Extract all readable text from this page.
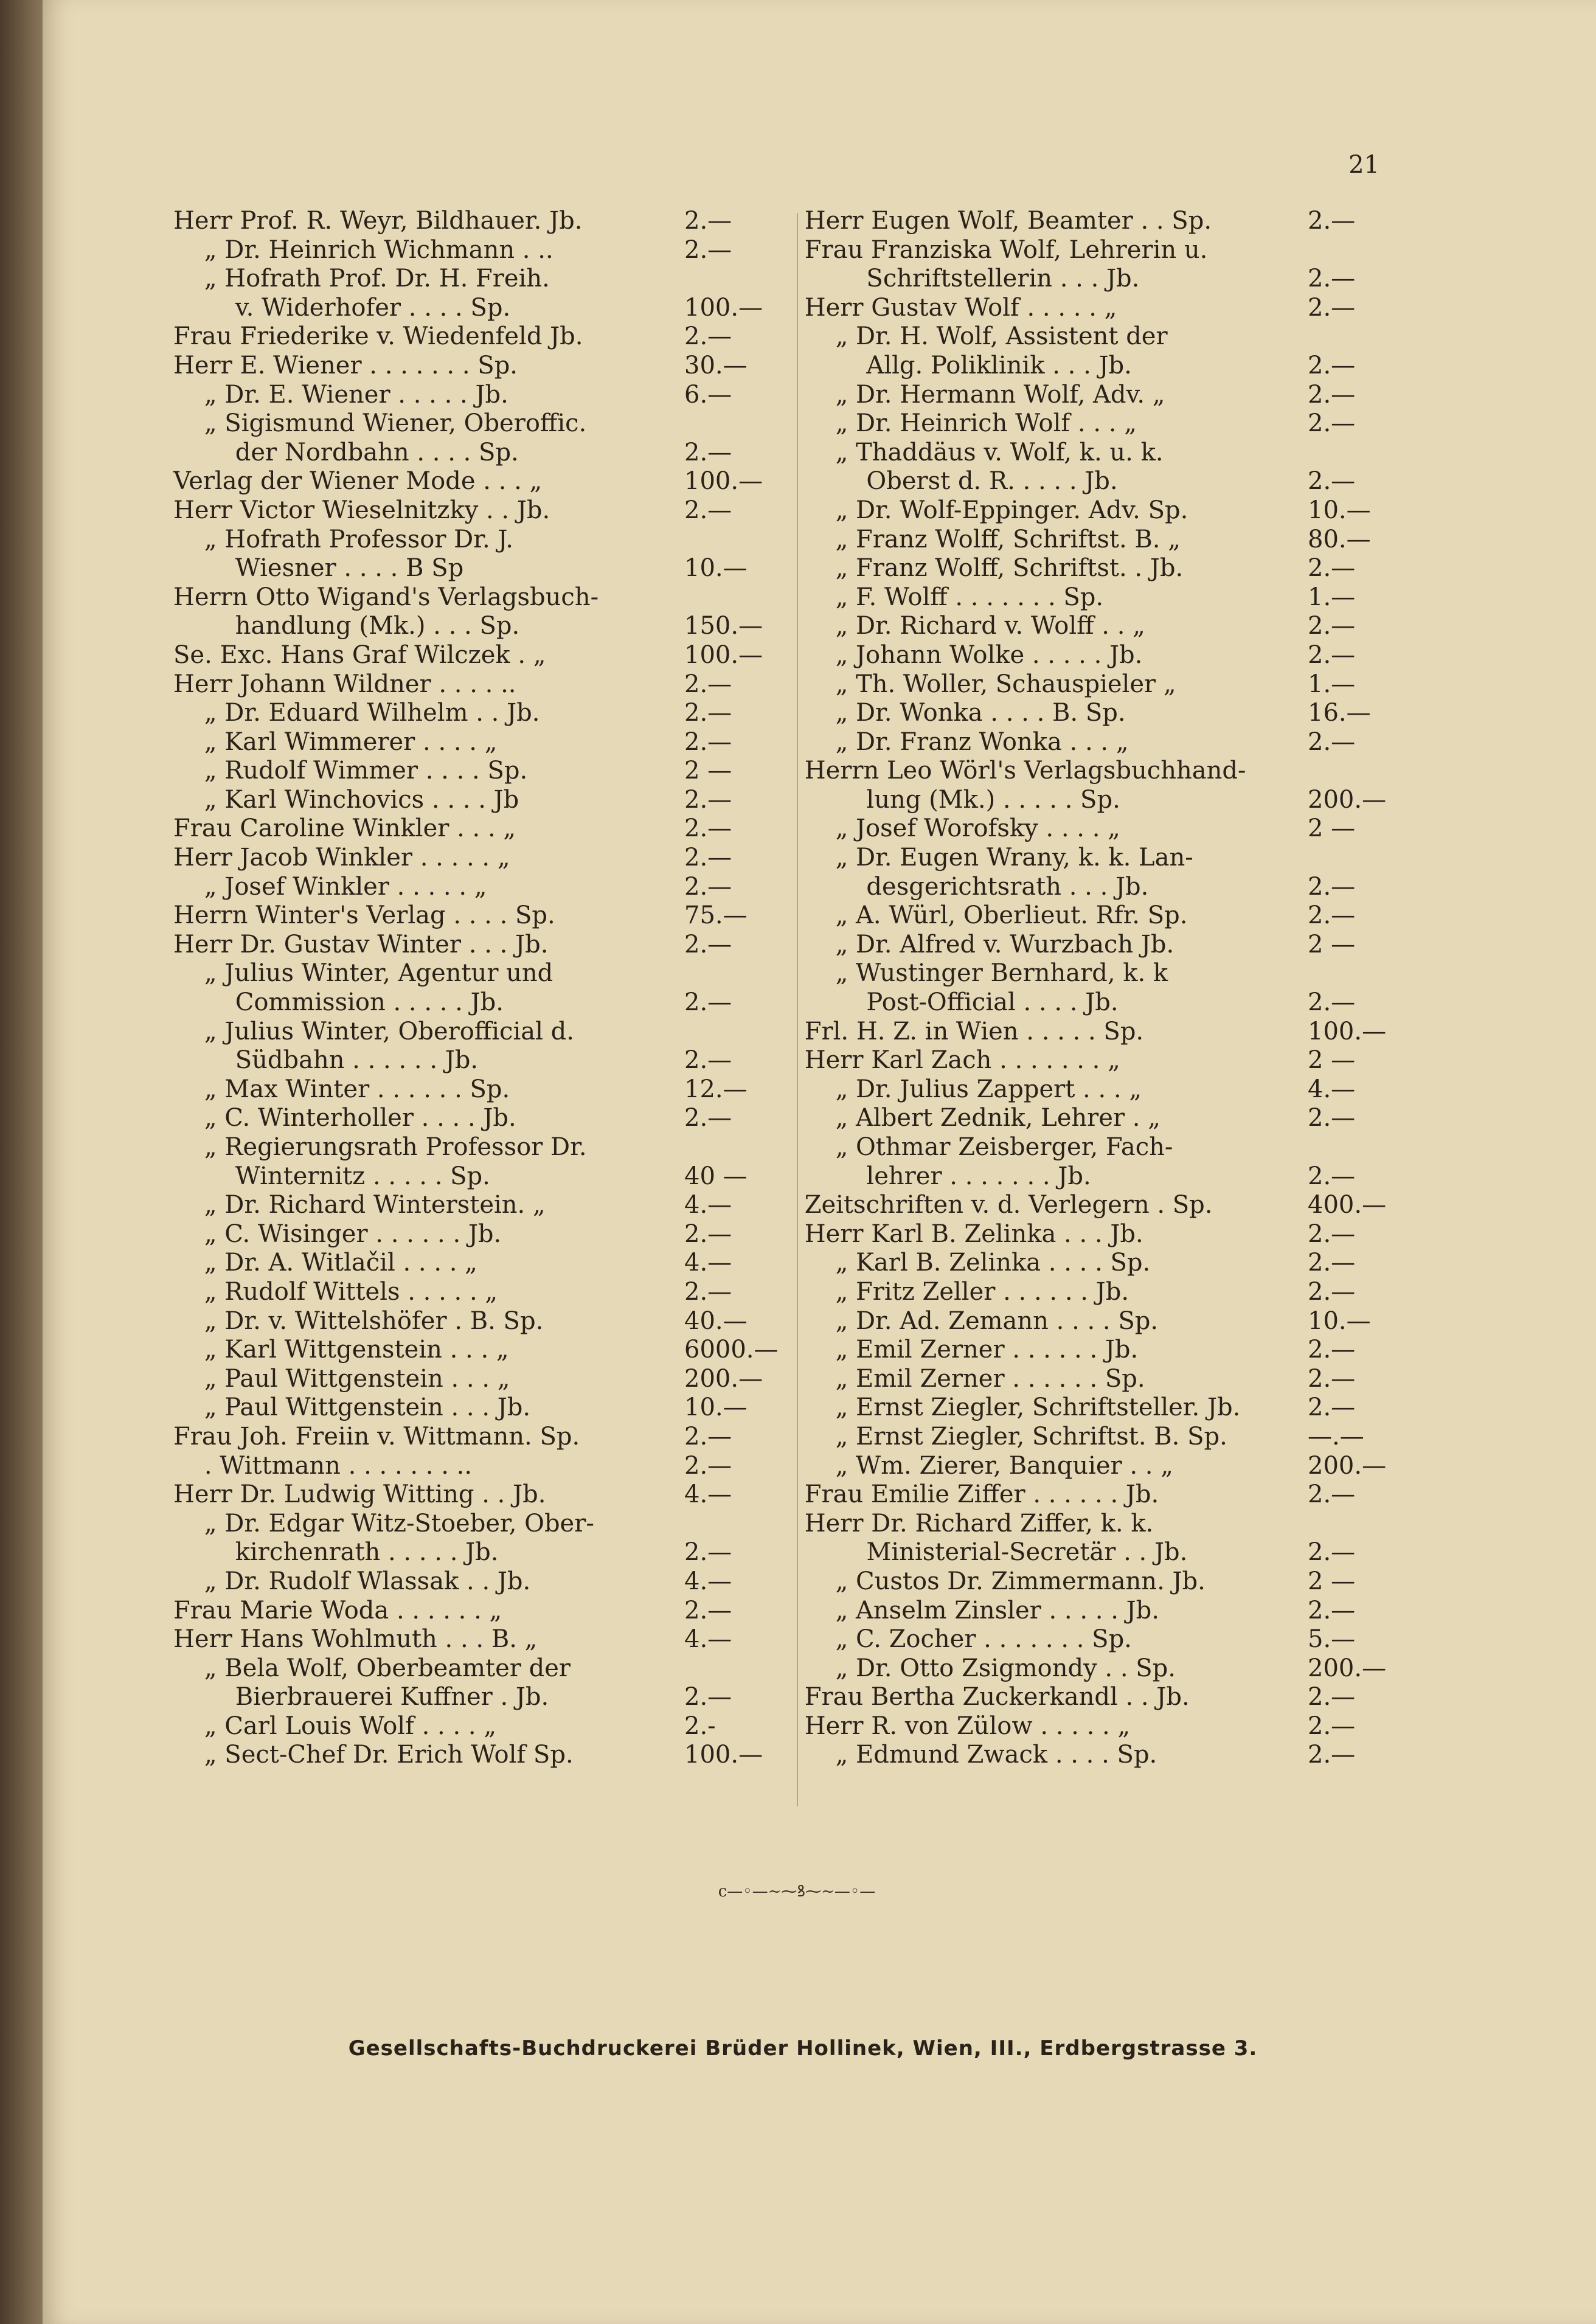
21
Herr Prof. R. Weyr, Bildhauer. Jb.	2.—
„ Dr. Heinrich Wichmann . ..	2.—
„ Hofrath Prof. Dr. H. Freih.
v. Widerhofer . . . . Sp.	100.—
Frau Friederike v. Wiedenfeld Jb.	2.—
Herr E. Wiener . . . . . . . Sp.	30.—
„ Dr. E. Wiener . . . . . Jb.	6.—
„ Sigismund Wiener, Oberoffic.
der Nordbahn . . . . Sp.	2.—
Verlag der Wiener Mode . . . „	100.—
Herr Victor Wieselnitzky . . Jb.	2.—
„ Hofrath Professor Dr. J.
Wiesner . . . . B Sp	10.—
Herrn Otto Wigand's Verlagsbuch-
handlung (Mk.) . . . Sp.	150.—
Se. Exc. Hans Graf Wilczek . „	100.—
Herr Johann Wildner . . . . ..	2.—
„ Dr. Eduard Wilhelm . . Jb.	2.—
„ Karl Wimmerer . . . . „	2.—
„ Rudolf Wimmer . . . . Sp.	2 —
„ Karl Winchovics . . . . Jb	2.—
Frau Caroline Winkler . . . „	2.—
Herr Jacob Winkler . . . . . „	2.—
„ Josef Winkler . . . . . „	2.—
Herrn Winter's Verlag . . . . Sp.	75.—
Herr Dr. Gustav Winter . . . Jb.	2.—
„ Julius Winter, Agentur und
Commission . . . . . Jb.	2.—
„ Julius Winter, Oberofficial d.
Südbahn . . . . . . Jb.	2.—
„ Max Winter . . . . . . Sp.	12.—
„ C. Winterholler . . . . Jb.	2.—
„ Regierungsrath Professor Dr.
Winternitz . . . . . Sp.	40 —
„ Dr. Richard Winterstein. „	4.—
„ C. Wisinger . . . . . . Jb.	2.—
„ Dr. A. Witlačil . . . . „	4.—
„ Rudolf Wittels . . . . . „	2.—
„ Dr. v. Wittelshöfer . B. Sp.	40.—
„ Karl Wittgenstein . . . „	6000.—
„ Paul Wittgenstein . . . „	200.—
„ Paul Wittgenstein . . . Jb.	10.—
Frau Joh. Freiin v. Wittmann. Sp.	2.—
. Wittmann . . . . . . . ..	2.—
Herr Dr. Ludwig Witting . . Jb.	4.—
„ Dr. Edgar Witz-Stoeber, Ober-
kirchenrath . . . . . Jb.	2.—
„ Dr. Rudolf Wlassak . . Jb.	4.—
Frau Marie Woda . . . . . . „	2.—
Herr Hans Wohlmuth . . . B. „	4.—
„ Bela Wolf, Oberbeamter der
Bierbrauerei Kuffner . Jb.	2.—
„ Carl Louis Wolf . . . . „	2.-
„ Sect-Chef Dr. Erich Wolf Sp.	100.—
Herr Eugen Wolf, Beamter . . Sp.	2.—
Frau Franziska Wolf, Lehrerin u.
Schriftstellerin . . . Jb.	2.—
Herr Gustav Wolf . . . . . „	2.—
„ Dr. H. Wolf, Assistent der
Allg. Poliklinik . . . Jb.	2.—
„ Dr. Hermann Wolf, Adv. „	2.—
„ Dr. Heinrich Wolf . . . „	2.—
„ Thaddäus v. Wolf, k. u. k.
Oberst d. R. . . . . Jb.	2.—
„ Dr. Wolf-Eppinger. Adv. Sp.	10.—
„ Franz Wolff, Schriftst. B. „	80.—
„ Franz Wolff, Schriftst. . Jb.	2.—
„ F. Wolff . . . . . . . Sp.	1.—
„ Dr. Richard v. Wolff . . „	2.—
„ Johann Wolke . . . . . Jb.	2.—
„ Th. Woller, Schauspieler „	1.—
„ Dr. Wonka . . . . B. Sp.	16.—
„ Dr. Franz Wonka . . . „	2.—
Herrn Leo Wörl's Verlagsbuchhand-
lung (Mk.) . . . . . Sp.	200.—
„ Josef Worofsky . . . . „	2 —
„ Dr. Eugen Wrany, k. k. Lan-
desgerichtsrath . . . Jb.	2.—
„ A. Würl, Oberlieut. Rfr. Sp.	2.—
„ Dr. Alfred v. Wurzbach Jb.	2 —
„ Wustinger Bernhard, k. k
Post-Official . . . . Jb.	2.—
Frl. H. Z. in Wien . . . . . Sp.	100.—
Herr Karl Zach . . . . . . . „	2 —
„ Dr. Julius Zappert . . . „	4.—
„ Albert Zednik, Lehrer . „	2.—
„ Othmar Zeisberger, Fach-
lehrer . . . . . . . Jb.	2.—
Zeitschriften v. d. Verlegern . Sp.	400.—
Herr Karl B. Zelinka . . . Jb.	2.—
„ Karl B. Zelinka . . . . Sp.	2.—
„ Fritz Zeller . . . . . . Jb.	2.—
„ Dr. Ad. Zemann . . . . Sp.	10.—
„ Emil Zerner . . . . . . Jb.	2.—
„ Emil Zerner . . . . . . Sp.	2.—
„ Ernst Ziegler, Schriftsteller. Jb.	2.—
„ Ernst Ziegler, Schriftst. B. Sp.	—.—
„ Wm. Zierer, Banquier . . „	200.—
Frau Emilie Ziffer . . . . . . Jb.	2.—
Herr Dr. Richard Ziffer, k. k.
Ministerial-Secretär . . Jb.	2.—
„ Custos Dr. Zimmermann. Jb.	2 —
„ Anselm Zinsler . . . . . Jb.	2.—
„ C. Zocher . . . . . . . Sp.	5.—
„ Dr. Otto Zsigmondy . . Sp.	200.—
Frau Bertha Zuckerkandl . . Jb.	2.—
Herr R. von Zülow . . . . . „	2.—
„ Edmund Zwack . . . . Sp.	2.—
c—◦—~⁓ꝸ⁓~—◦—
Gesellschafts-Buchdruckerei Brüder Hollinek, Wien, III., Erdbergstrasse 3.
